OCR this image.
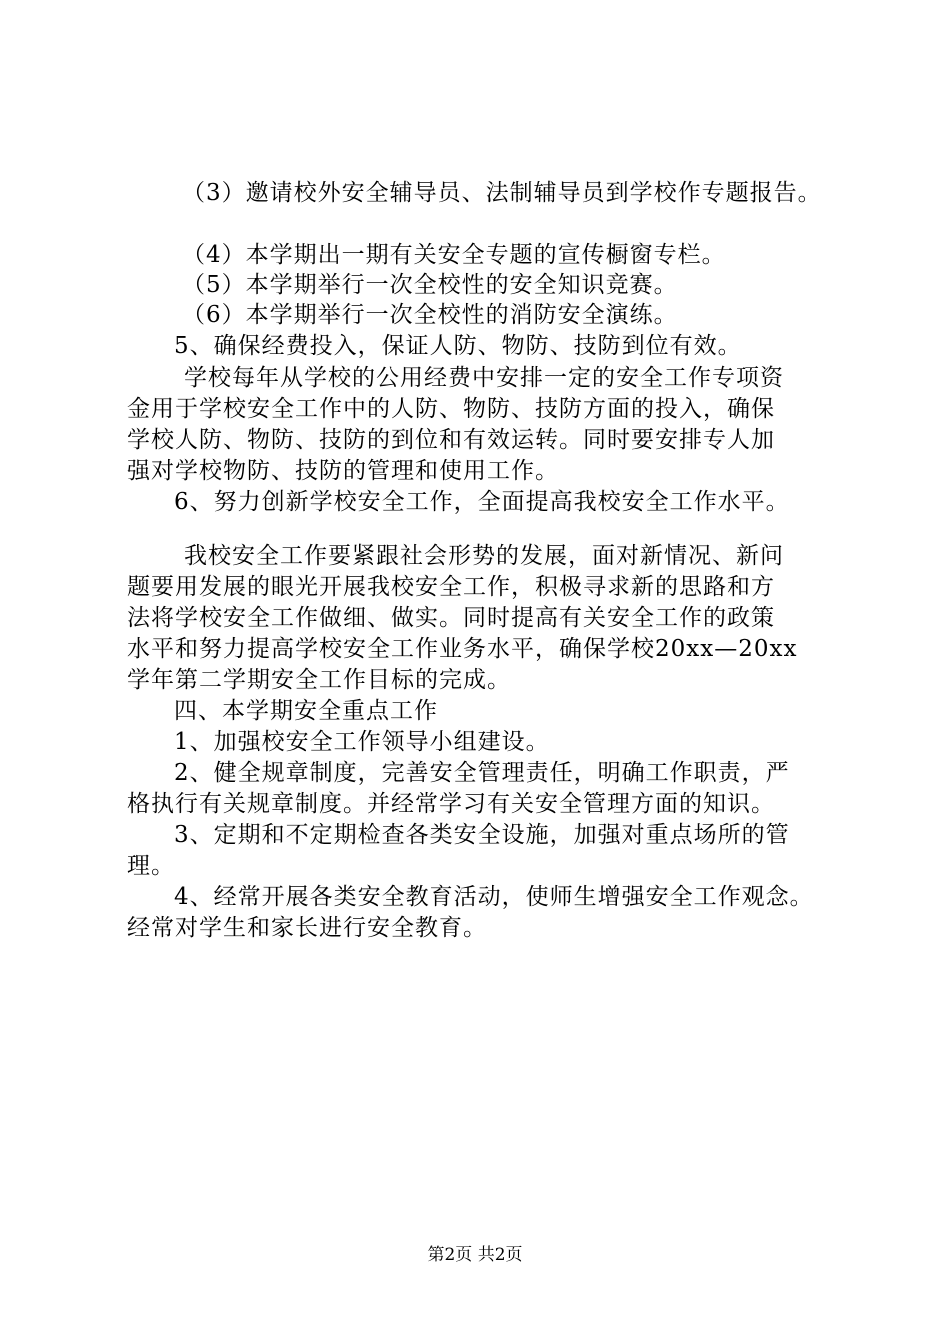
（3）邀请校外安全辅导员、法制辅导员到学校作专题报告。
（4）本学期出一期有关安全专题的宣传橱窗专栏。
（5）本学期举行一次全校性的安全知识竞赛。
（6）本学期举行一次全校性的消防安全演练。
5、确保经费投入，保证人防、物防、技防到位有效。
学校每年从学校的公用经费中安排一定的安全工作专项资
金用于学校安全工作中的人防、物防、技防方面的投入，确保
学校人防、物防、技防的到位和有效运转。同时要安排专人加
强对学校物防、技防的管理和使用工作。
6、努力创新学校安全工作，全面提高我校安全工作水平。
我校安全工作要紧跟社会形势的发展，面对新情况、新问
题要用发展的眼光开展我校安全工作，积极寻求新的思路和方
法将学校安全工作做细、做实。同时提高有关安全工作的政策
水平和努力提高学校安全工作业务水平，确保学校20xx—20xx
学年第二学期安全工作目标的完成。
四、本学期安全重点工作
1、加强校安全工作领导小组建设。
2、健全规章制度，完善安全管理责任，明确工作职责，严
格执行有关规章制度。并经常学习有关安全管理方面的知识。
3、定期和不定期检查各类安全设施，加强对重点场所的管
理。
4、经常开展各类安全教育活动，使师生增强安全工作观念。
经常对学生和家长进行安全教育。
第2页 共2页
